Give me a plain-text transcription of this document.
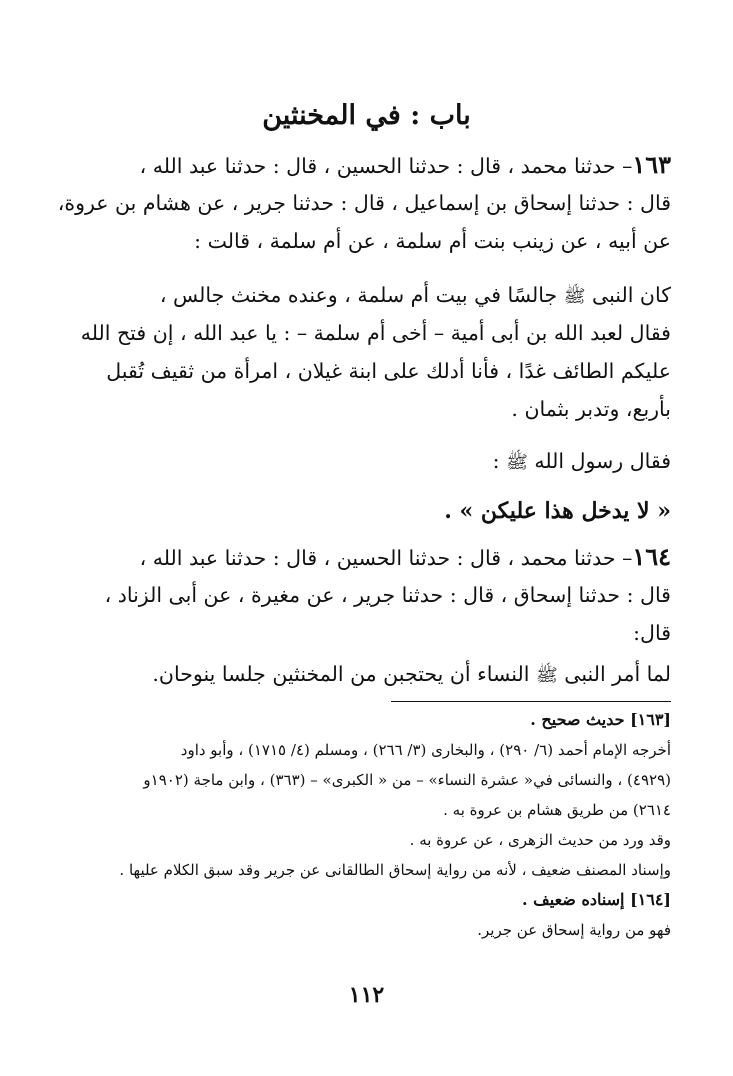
باب : في المخنثين
١٦٣– حدثنا محمد ، قال : حدثنا الحسين ، قال : حدثنا عبد الله ،
قال : حدثنا إسحاق بن إسماعيل ، قال : حدثنا جرير ، عن هشام بن عروة،
عن أبيه ، عن زينب بنت أم سلمة ، عن أم سلمة ، قالت :
كان النبى ﷺ جالسًا في بيت أم سلمة ، وعنده مخنث جالس ،
فقال لعبد الله بن أبى أمية – أخى أم سلمة – : يا عبد الله ، إن فتح الله
عليكم الطائف غدًا ، فأنا أدلك على ابنة غيلان ، امرأة من ثقيف تُقبل
بأربع، وتدبر بثمان .
فقال رسول الله ﷺ :
« لا يدخل هذا عليكن » .
١٦٤– حدثنا محمد ، قال : حدثنا الحسين ، قال : حدثنا عبد الله ،
قال : حدثنا إسحاق ، قال : حدثنا جرير ، عن مغيرة ، عن أبى الزناد ،
قال:
لما أمر النبى ﷺ النساء أن يحتجبن من المخنثين جلسا ينوحان.
[١٦٣] حديث صحيح .
أخرجه الإمام أحمد (٦/ ٢٩٠) ، والبخارى (٣/ ٢٦٦) ، ومسلم (٤/ ١٧١٥) ، وأبو داود
(٤٩٢٩) ، والنسائى في« عشرة النساء» – من « الكبرى» – (٣٦٣) ، وابن ماجة (١٩٠٢و
٢٦١٤) من طريق هشام بن عروة به .
وقد ورد من حديث الزهرى ، عن عروة به .
وإسناد المصنف ضعيف ، لأنه من رواية إسحاق الطالقانى عن جرير وقد سبق الكلام عليها .
[١٦٤] إسناده ضعيف .
فهو من رواية إسحاق عن جرير.
١١٢
